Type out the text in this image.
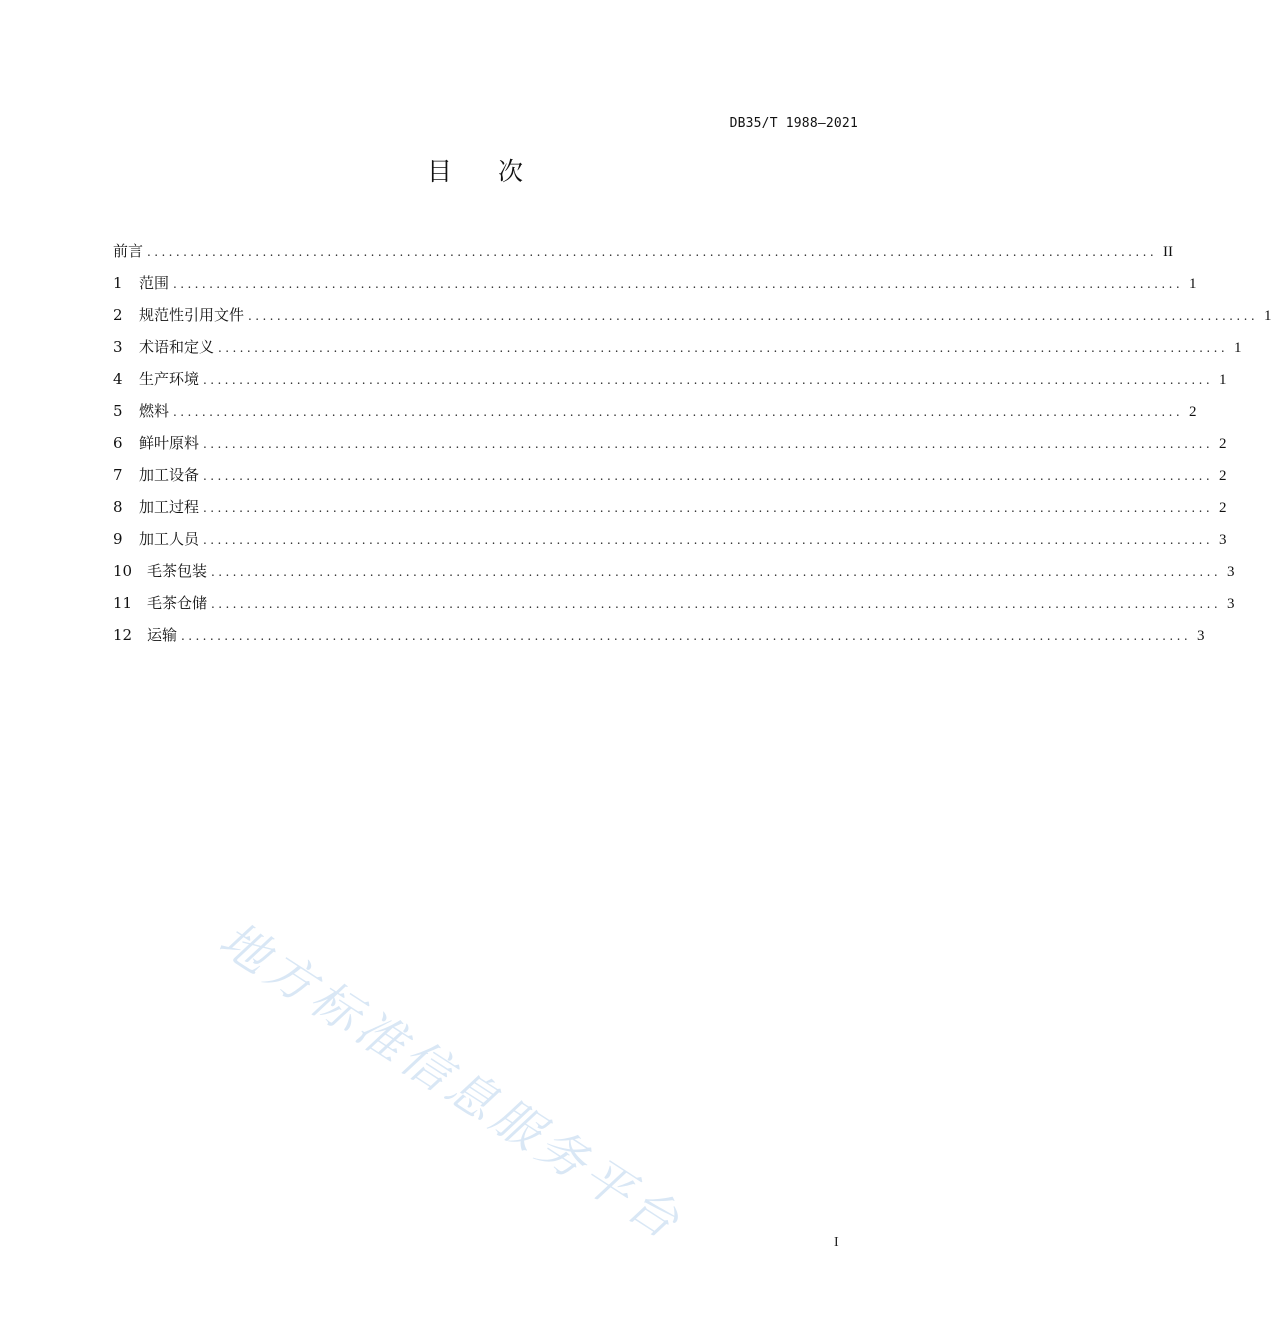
DB35/T 1988—2021
目次
前言 ............................................................................................................................................ II
1	范围 ............................................................................................................................................ 1
2	规范性引用文件 ............................................................................................................................................ 1
3	术语和定义 ............................................................................................................................................ 1
4	生产环境 ............................................................................................................................................ 1
5	燃料 ............................................................................................................................................ 2
6	鲜叶原料 ............................................................................................................................................ 2
7	加工设备 ............................................................................................................................................ 2
8	加工过程 ............................................................................................................................................ 2
9	加工人员 ............................................................................................................................................ 3
10 毛茶包装 ............................................................................................................................................ 3
11 毛茶仓储 ............................................................................................................................................ 3
12 运输 ............................................................................................................................................ 3
地方标准信息服务平台	I
